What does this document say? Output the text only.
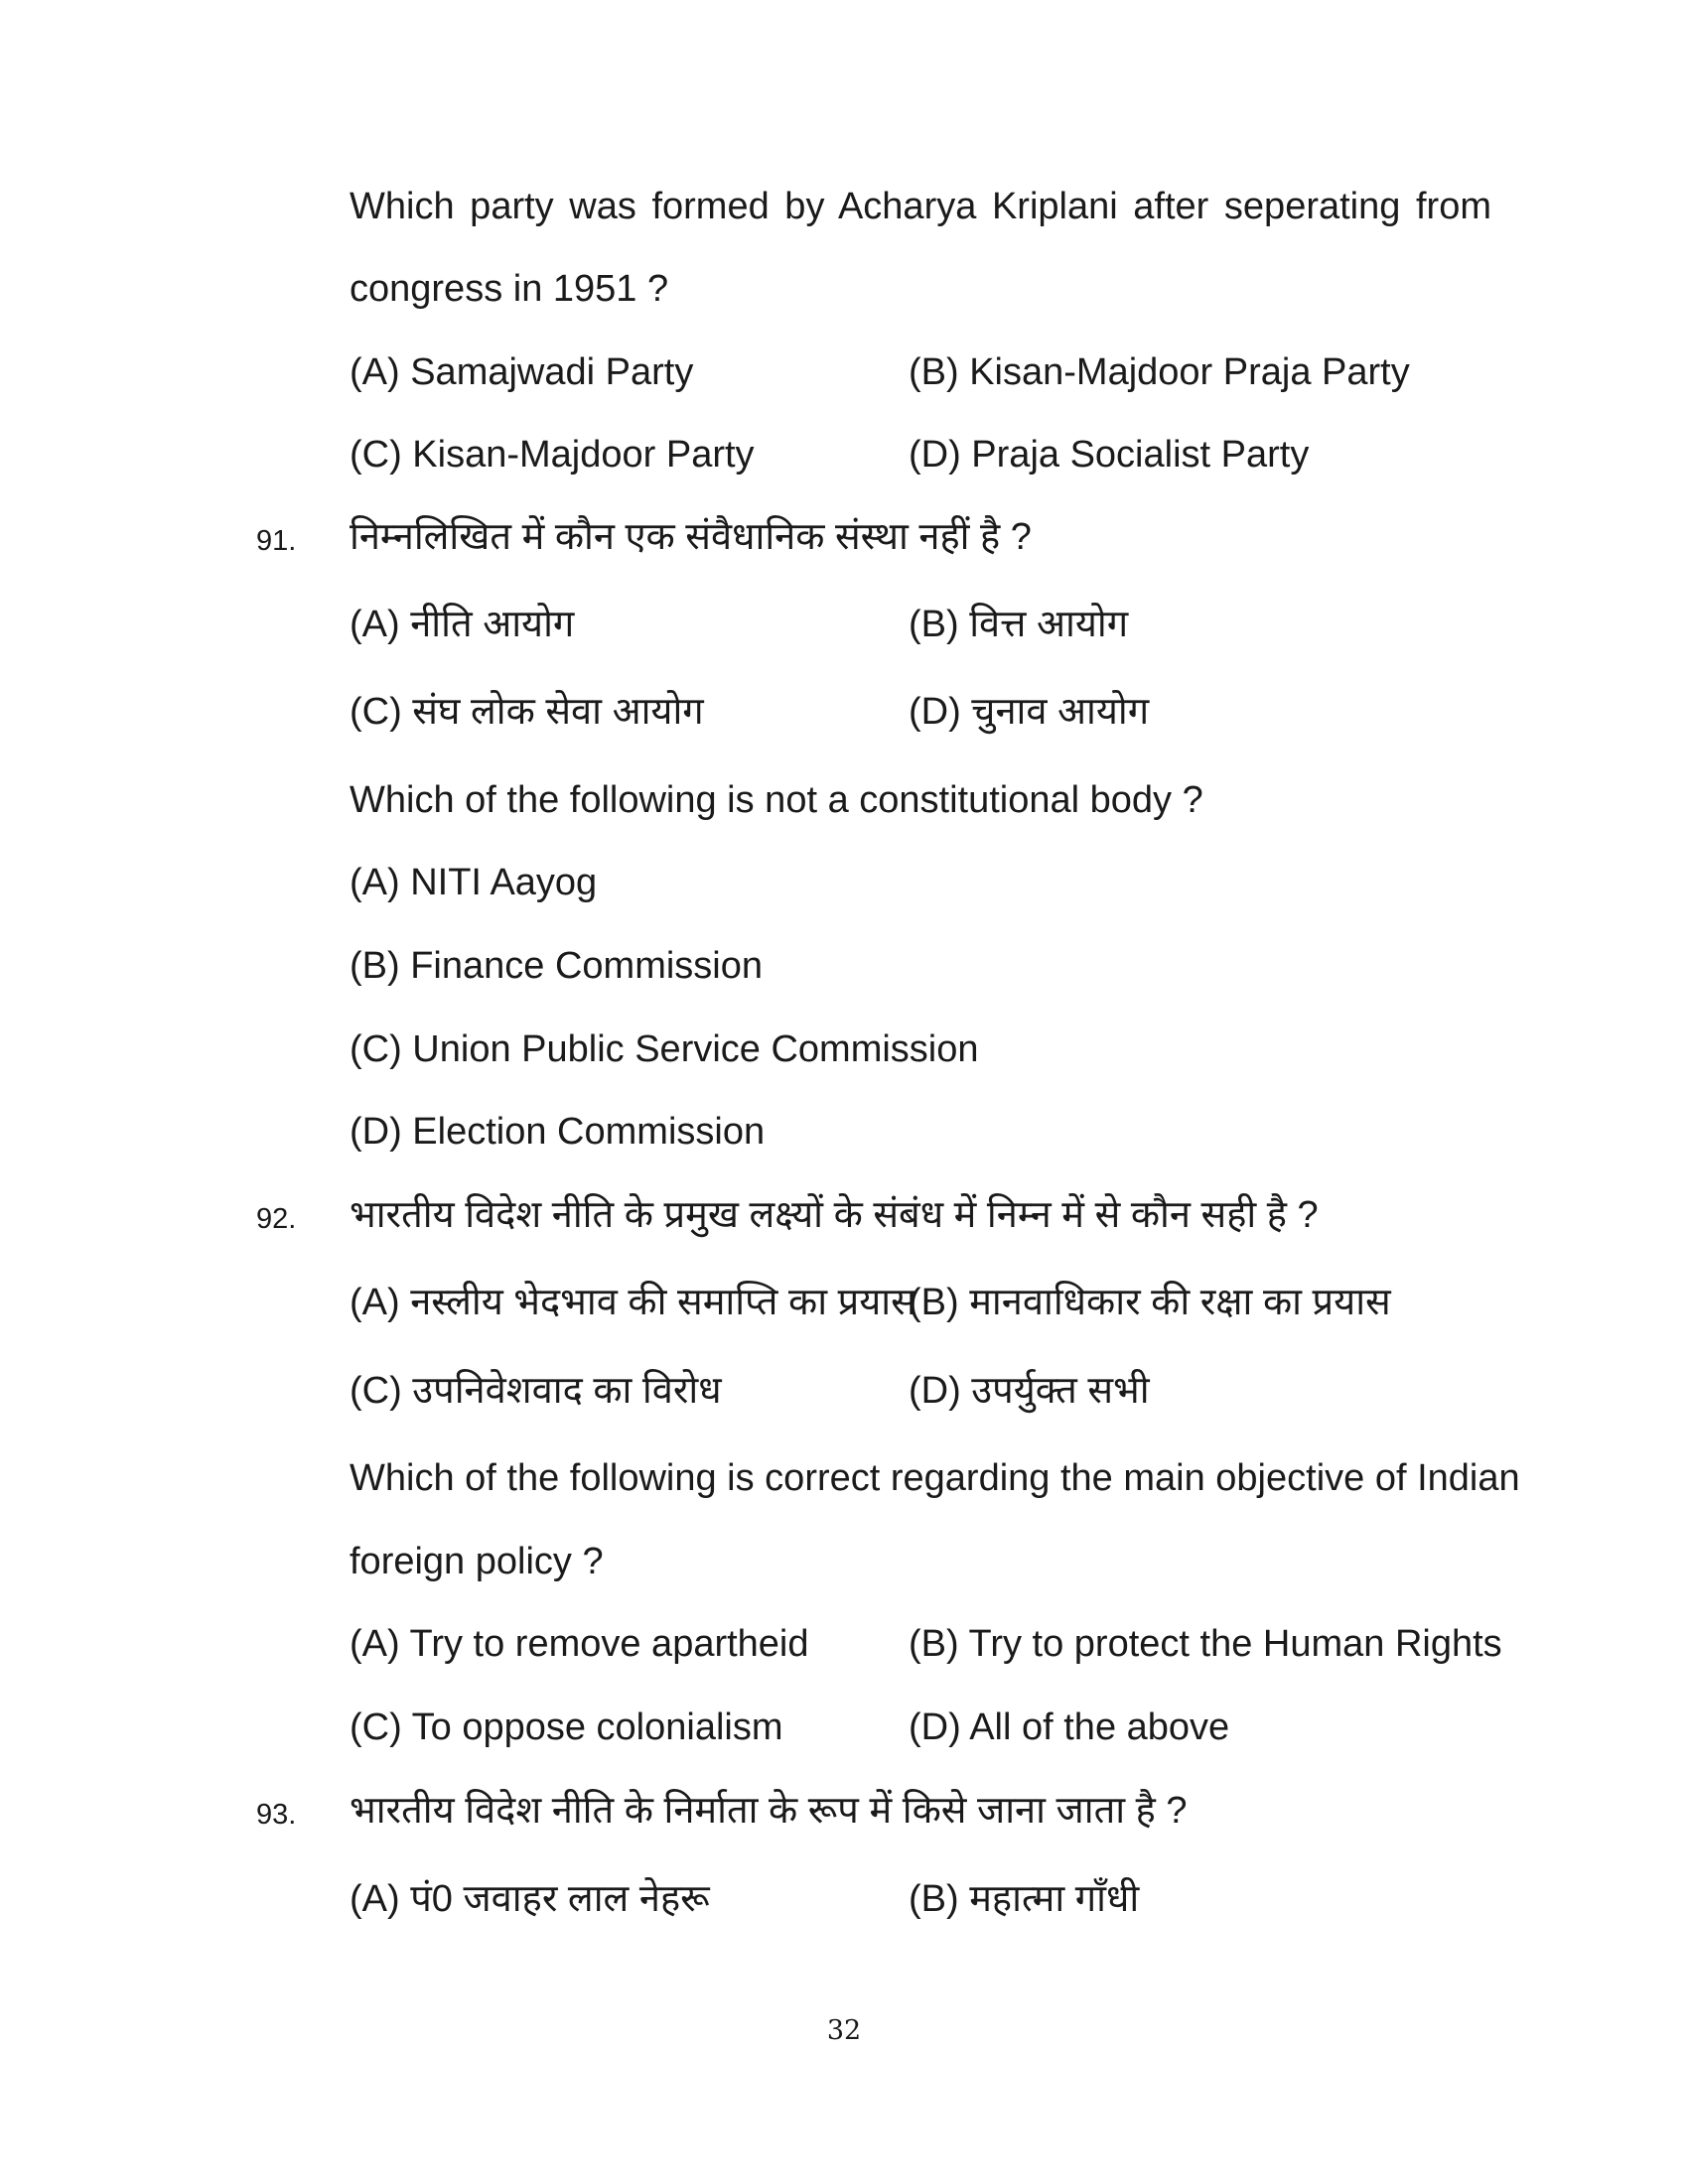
Which party was formed by Acharya Kriplani after seperating from
congress in 1951 ?
(A) Samajwadi Party	(B) Kisan-Majdoor Praja Party
(C) Kisan-Majdoor Party	(D) Praja Socialist Party
91. निम्नलिखित में कौन एक संवैधानिक संस्था नहीं है ?
(A) नीति आयोग	(B) वित्त आयोग
(C) संघ लोक सेवा आयोग	(D) चुनाव आयोग
Which of the following is not a constitutional body ?
(A) NITI Aayog
(B) Finance Commission
(C) Union Public Service Commission
(D) Election Commission
92. भारतीय विदेश नीति के प्रमुख लक्ष्यों के संबंध में निम्न में से कौन सही है ?
(A) नस्लीय भेदभाव की समाप्ति का प्रयास
(B) मानवाधिकार की रक्षा का प्रयास
(C) उपनिवेशवाद का विरोध	(D) उपर्युक्त सभी
Which of the following is correct regarding the main objective of Indian
foreign policy ?
(A) Try to remove apartheid	(B) Try to protect the Human Rights
(C) To oppose colonialism	(D) All of the above
93. भारतीय विदेश नीति के निर्माता के रूप में किसे जाना जाता है ?
(A) पं0 जवाहर लाल नेहरू	(B) महात्मा गाँधी
32
